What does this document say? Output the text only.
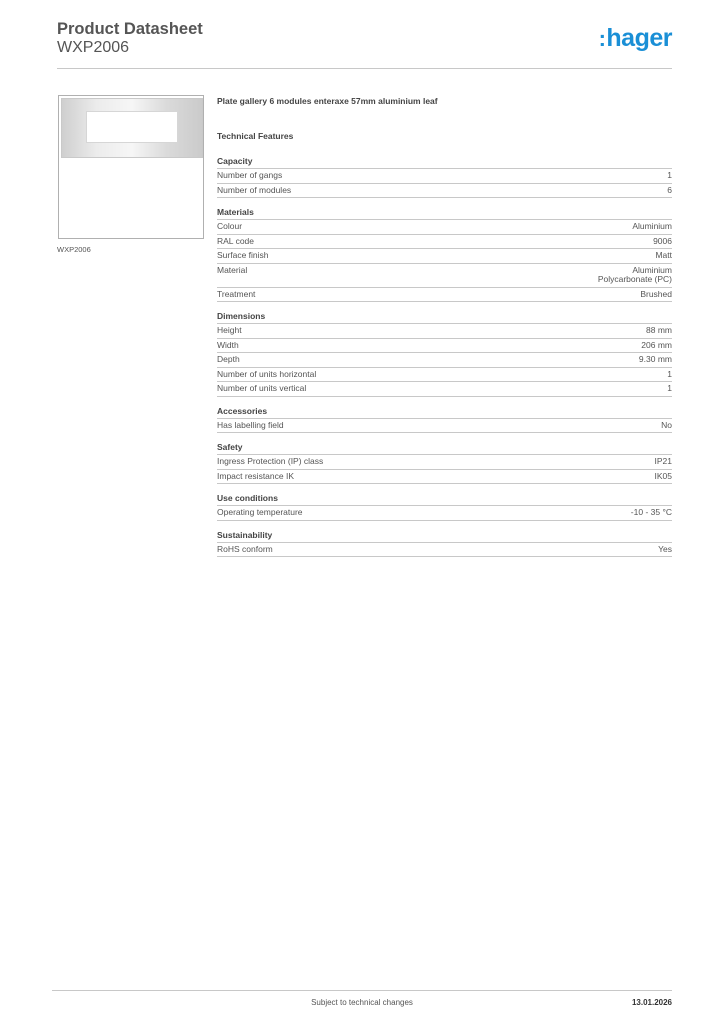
Product Datasheet
WXP2006	:hager
WXP2006
Plate gallery 6 modules enteraxe 57mm aluminium leaf
Technical Features
Capacity
Number of gangs	1
Number of modules	6
Materials
Colour	Aluminium
RAL code	9006
Surface finish	Matt
Material	Aluminium
Polycarbonate (PC)
Treatment	Brushed
Dimensions
Height	88 mm
Width	206 mm
Depth	9.30 mm
Number of units horizontal	1
Number of units vertical	1
Accessories
Has labelling field	No
Safety
Ingress Protection (IP) class	IP21
Impact resistance IK	IK05
Use conditions
Operating temperature	-10 - 35 °C
Sustainability
RoHS conform	Yes
Subject to technical changes	13.01.2026
